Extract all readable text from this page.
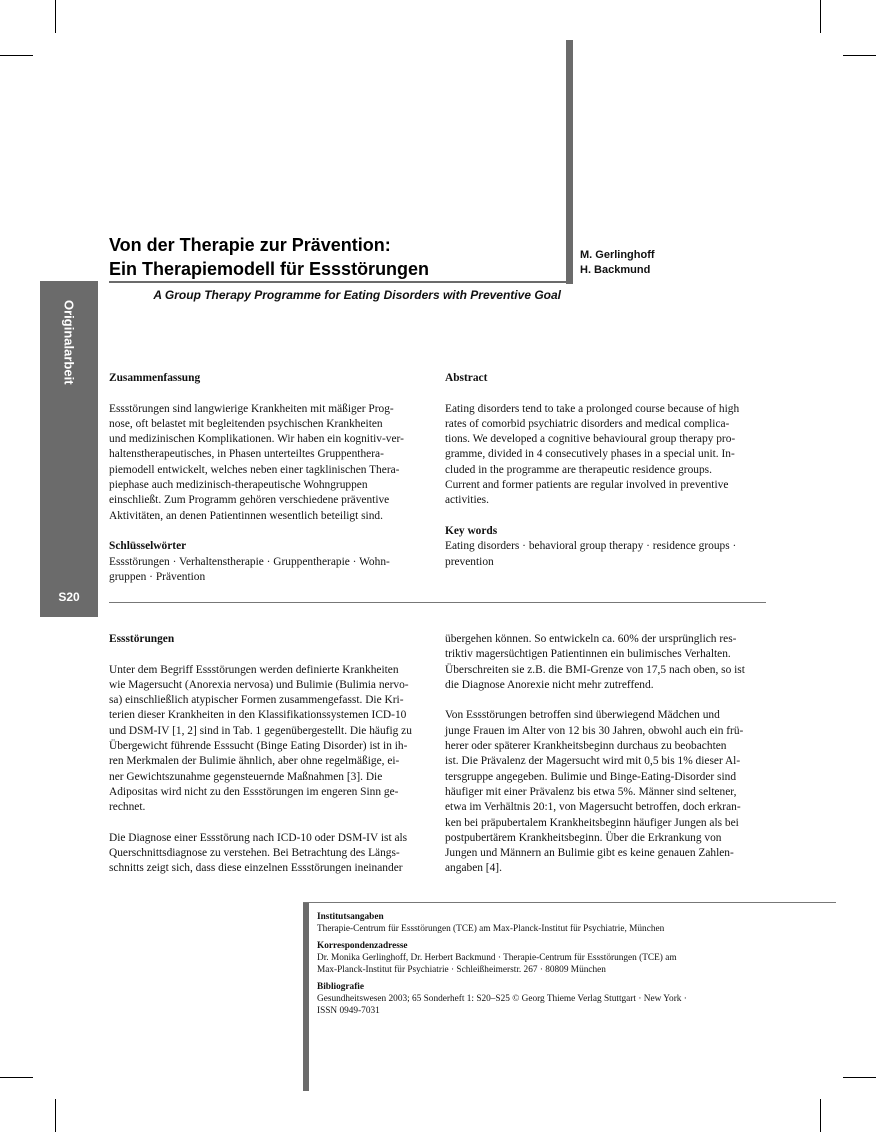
Originalarbeit
S20
Von der Therapie zur Prävention:
Ein Therapiemodell für Essstörungen
M. Gerlinghoff
H. Backmund
A Group Therapy Programme for Eating Disorders with Preventive Goal

Zusammenfassung

Essstörungen sind langwierige Krankheiten mit mäßiger Prog-

nose, oft belastet mit begleitenden psychischen Krankheiten

und medizinischen Komplikationen. Wir haben ein kognitiv-ver-

haltenstherapeutisches, in Phasen unterteiltes Gruppenthera-

piemodell entwickelt, welches neben einer tagklinischen Thera-

piephase auch medizinisch-therapeutische Wohngruppen

einschließt. Zum Programm gehören verschiedene präventive

Aktivitäten, an denen Patientinnen wesentlich beteiligt sind.

Schlüsselwörter

Essstörungen · Verhaltenstherapie · Gruppentherapie · Wohn-

gruppen · Prävention

Abstract

Eating disorders tend to take a prolonged course because of high

rates of comorbid psychiatric disorders and medical complica-

tions. We developed a cognitive behavioural group therapy pro-

gramme, divided in 4 consecutively phases in a special unit. In-

cluded in the programme are therapeutic residence groups.

Current and former patients are regular involved in preventive

activities.

Key words

Eating disorders · behavioral group therapy · residence groups ·

prevention

Essstörungen

Unter dem Begriff Essstörungen werden definierte Krankheiten

wie Magersucht (Anorexia nervosa) und Bulimie (Bulimia nervo-

sa) einschließlich atypischer Formen zusammengefasst. Die Kri-

terien dieser Krankheiten in den Klassifikationssystemen ICD-10

und DSM-IV [1, 2] sind in Tab. 1 gegenübergestellt. Die häufig zu

Übergewicht führende Esssucht (Binge Eating Disorder) ist in ih-

ren Merkmalen der Bulimie ähnlich, aber ohne regelmäßige, ei-

ner Gewichtszunahme gegensteuernde Maßnahmen [3]. Die

Adipositas wird nicht zu den Essstörungen im engeren Sinn ge-

rechnet.

Die Diagnose einer Essstörung nach ICD-10 oder DSM-IV ist als

Querschnittsdiagnose zu verstehen. Bei Betrachtung des Längs-

schnitts zeigt sich, dass diese einzelnen Essstörungen ineinander

übergehen können. So entwickeln ca. 60% der ursprünglich res-

triktiv magersüchtigen Patientinnen ein bulimisches Verhalten.

Überschreiten sie z.B. die BMI-Grenze von 17,5 nach oben, so ist

die Diagnose Anorexie nicht mehr zutreffend.

Von Essstörungen betroffen sind überwiegend Mädchen und

junge Frauen im Alter von 12 bis 30 Jahren, obwohl auch ein frü-

herer oder späterer Krankheitsbeginn durchaus zu beobachten

ist. Die Prävalenz der Magersucht wird mit 0,5 bis 1% dieser Al-

tersgruppe angegeben. Bulimie und Binge-Eating-Disorder sind

häufiger mit einer Prävalenz bis etwa 5%. Männer sind seltener,

etwa im Verhältnis 20:1, von Magersucht betroffen, doch erkran-

ken bei präpubertalem Krankheitsbeginn häufiger Jungen als bei

postpubertärem Krankheitsbeginn. Über die Erkrankung von

Jungen und Männern an Bulimie gibt es keine genauen Zahlen-

angaben [4].

Institutsangaben
Therapie-Centrum für Essstörungen (TCE) am Max-Planck-Institut für Psychiatrie, München
Korrespondenzadresse
Dr. Monika Gerlinghoff, Dr. Herbert Backmund · Therapie-Centrum für Essstörungen (TCE) am
Max-Planck-Institut für Psychiatrie · Schleißheimerstr. 267 · 80809 München
Bibliografie
Gesundheitswesen 2003; 65 Sonderheft 1: S20–S25 © Georg Thieme Verlag Stuttgart · New York ·
ISSN 0949-7031
